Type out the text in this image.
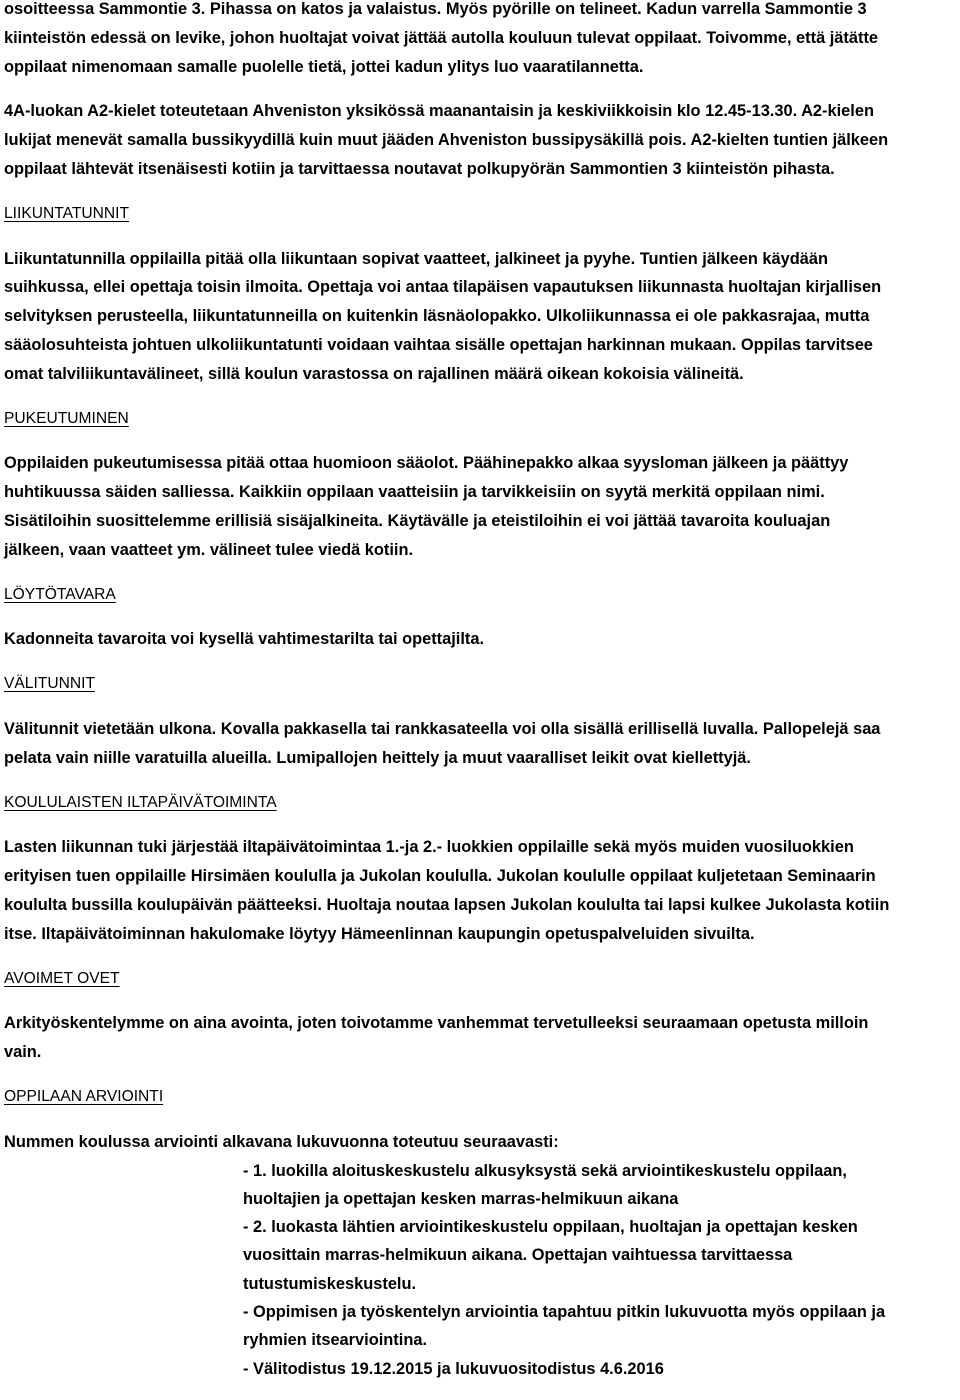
osoitteessa Sammontie 3. Pihassa on katos ja valaistus. Myös pyörille on telineet. Kadun varrella Sammontie 3
kiinteistön edessä on levike, johon huoltajat voivat jättää autolla kouluun tulevat oppilaat. Toivomme, että jätätte
oppilaat nimenomaan samalle puolelle tietä, jottei kadun ylitys luo vaaratilannetta.

4A-luokan A2-kielet toteutetaan Ahveniston yksikössä maanantaisin ja keskiviikkoisin klo 12.45-13.30. A2-kielen
lukijat menevät samalla bussikyydillä kuin muut jääden Ahveniston bussipysäkillä pois. A2-kielten tuntien jälkeen
oppilaat lähtevät itsenäisesti kotiin ja tarvittaessa noutavat polkupyörän Sammontien 3 kiinteistön pihasta.

LIIKUNTATUNNIT

Liikuntatunnilla oppilailla pitää olla liikuntaan sopivat vaatteet, jalkineet ja pyyhe. Tuntien jälkeen käydään
suihkussa, ellei opettaja toisin ilmoita. Opettaja voi antaa tilapäisen vapautuksen liikunnasta huoltajan kirjallisen
selvityksen perusteella, liikuntatunneilla on kuitenkin läsnäolopakko. Ulkoliikunnassa ei ole pakkasrajaa, mutta
sääolosuhteista johtuen ulkoliikuntatunti voidaan vaihtaa sisälle opettajan harkinnan mukaan. Oppilas tarvitsee
omat talviliikuntavälineet, sillä koulun varastossa on rajallinen määrä oikean kokoisia välineitä.

PUKEUTUMINEN

Oppilaiden pukeutumisessa pitää ottaa huomioon sääolot. Päähinepakko alkaa syysloman jälkeen ja päättyy
huhtikuussa säiden salliessa. Kaikkiin oppilaan vaatteisiin ja tarvikkeisiin on syytä merkitä oppilaan nimi.
Sisätiloihin suosittelemme erillisiä sisäjalkineita. Käytävälle ja eteistiloihin ei voi jättää tavaroita kouluajan
jälkeen, vaan vaatteet ym. välineet tulee viedä kotiin.

LÖYTÖTAVARA

Kadonneita tavaroita voi kysellä vahtimestarilta tai opettajilta.

VÄLITUNNIT

Välitunnit vietetään ulkona. Kovalla pakkasella tai rankkasateella voi olla sisällä erillisellä luvalla. Pallopelejä saa
pelata vain niille varatuilla alueilla. Lumipallojen heittely ja muut vaaralliset leikit ovat kiellettyjä.

KOULULAISTEN ILTAPÄIVÄTOIMINTA

Lasten liikunnan tuki järjestää iltapäivätoimintaa 1.-ja 2.- luokkien oppilaille sekä myös muiden vuosiluokkien
erityisen tuen oppilaille Hirsimäen koululla ja Jukolan koululla. Jukolan koululle oppilaat kuljetetaan Seminaarin
koululta bussilla koulupäivän päätteeksi. Huoltaja noutaa lapsen Jukolan koululta tai lapsi kulkee Jukolasta kotiin
itse. Iltapäivätoiminnan hakulomake löytyy Hämeenlinnan kaupungin opetuspalveluiden sivuilta.

AVOIMET OVET

Arkityöskentelymme on aina avointa, joten toivotamme vanhemmat tervetulleeksi seuraamaan opetusta milloin
vain.

OPPILAAN ARVIOINTI

Nummen koulussa arviointi alkavana lukuvuonna toteutuu seuraavasti:

- 1. luokilla aloituskeskustelu alkusyksystä sekä arviointikeskustelu oppilaan,
huoltajien ja opettajan kesken marras-helmikuun aikana

- 2. luokasta lähtien arviointikeskustelu oppilaan, huoltajan ja opettajan kesken
vuosittain marras-helmikuun aikana. Opettajan vaihtuessa tarvittaessa
tutustumiskeskustelu.

- Oppimisen ja työskentelyn arviointia tapahtuu pitkin lukuvuotta myös oppilaan ja
ryhmien itsearviointina.

- Välitodistus 19.12.2015 ja lukuvuositodistus 4.6.2016
